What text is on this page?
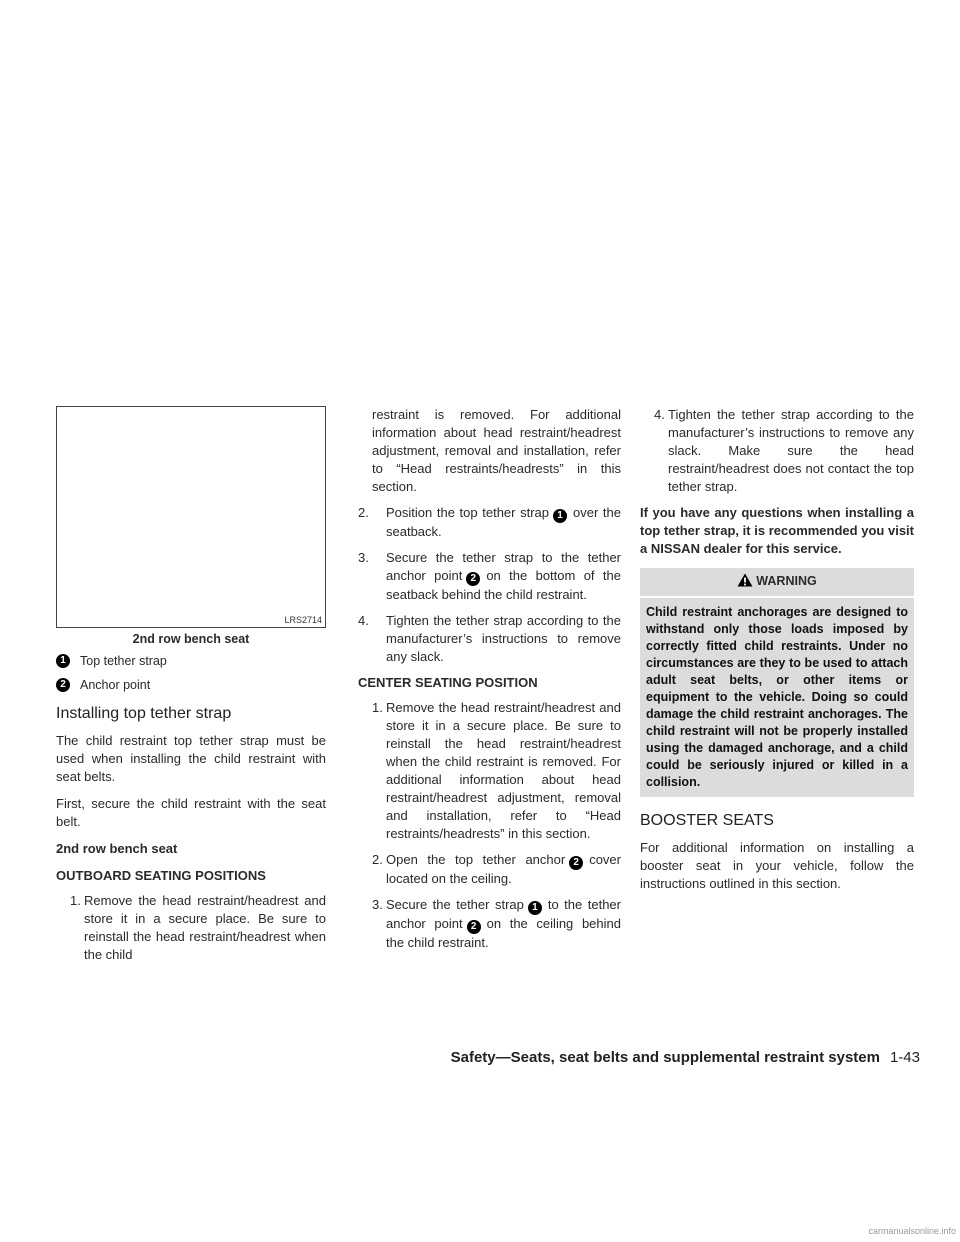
LRS2714
2nd row bench seat
1	Top tether strap
2	Anchor point
Installing top tether strap

The child restraint top tether strap must be used when installing the child restraint with seat belts.

First, secure the child restraint with the seat belt.

2nd row bench seat

OUTBOARD SEATING POSITIONS
1. Remove the head restraint/headrest and store it in a secure place. Be sure to reinstall the head restraint/headrest when the child
restraint is removed. For additional information about head restraint/headrest adjustment, removal and installation, refer to “Head restraints/headrests” in this section.
2. Position the top tether strap 1 over the seatback.
3. Secure the tether strap to the tether anchor point 2 on the bottom of the seatback behind the child restraint.
4. Tighten the tether strap according to the manufacturer’s instructions to remove any slack.
CENTER SEATING POSITION
1. Remove the head restraint/headrest and store it in a secure place. Be sure to reinstall the head restraint/headrest when the child restraint is removed. For additional information about head restraint/headrest adjustment, removal and installation, refer to “Head restraints/headrests” in this section.
2. Open the top tether anchor 2 cover located on the ceiling.
3. Secure the tether strap 1 to the tether anchor point 2 on the ceiling behind the child restraint.
4. Tighten the tether strap according to the manufacturer’s instructions to remove any slack. Make sure the head restraint/headrest does not contact the top tether strap.

If you have any questions when installing a top tether strap, it is recommended you visit a NISSAN dealer for this service.

WARNING
Child restraint anchorages are designed to withstand only those loads imposed by correctly fitted child restraints. Under no circumstances are they to be used to attach adult seat belts, or other items or equipment to the vehicle. Doing so could damage the child restraint anchorages. The child restraint will not be properly installed using the damaged anchorage, and a child could be seriously injured or killed in a collision.
BOOSTER SEATS

For additional information on installing a booster seat in your vehicle, follow the instructions outlined in this section.

Safety—Seats, seat belts and supplemental restraint system 1-43
carmanualsonline.info
